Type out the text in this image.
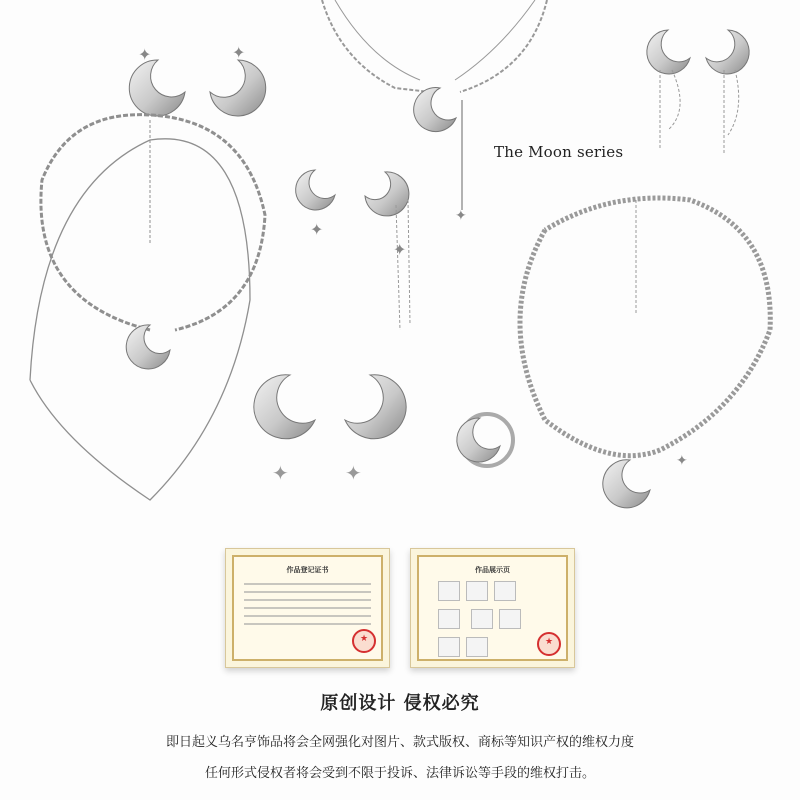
✦	✦
✦
✦
✦
✦	✦	✦
The Moon series
作品登记证书
★	作品展示页

★
原创设计 侵权必究
即日起义乌名亨饰品将会全网强化对图片、款式版权、商标等知识产权的维权力度
任何形式侵权者将会受到不限于投诉、法律诉讼等手段的维权打击。
